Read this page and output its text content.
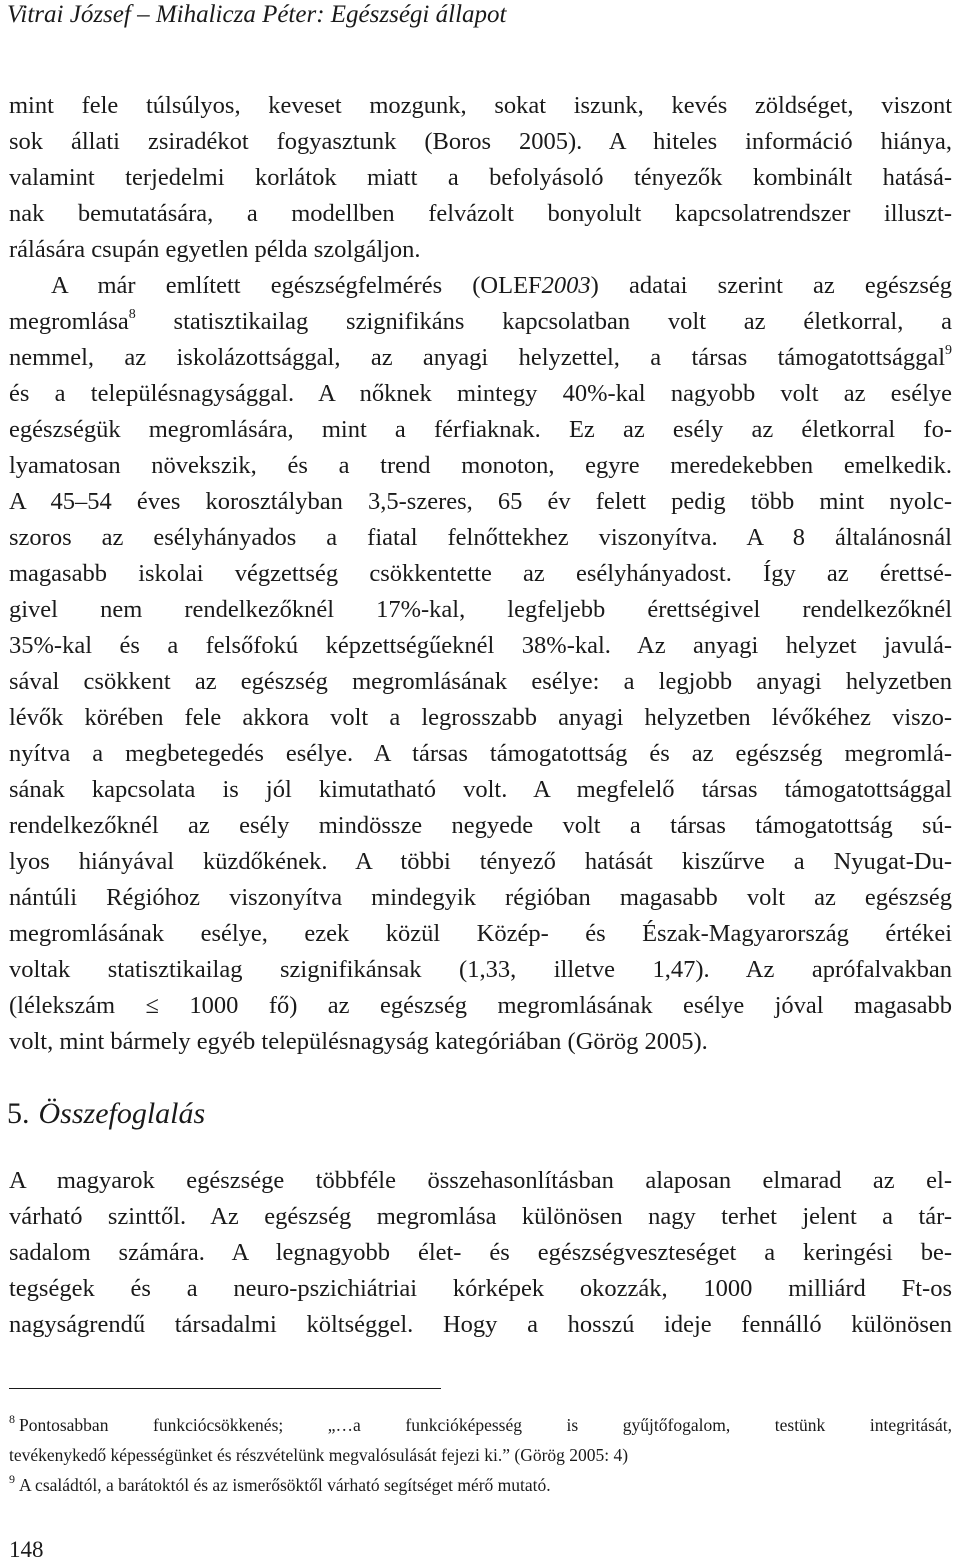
Vitrai József – Mihalicza Péter: Egészségi állapot
mint fele túlsúlyos, keveset mozgunk, sokat iszunk, kevés zöldséget, viszont
sok állati zsiradékot fogyasztunk (Boros 2005). A hiteles információ hiánya,
valamint terjedelmi korlátok miatt a befolyásoló tényezők kombinált hatásá-
nak bemutatására, a modellben felvázolt bonyolult kapcsolatrendszer illuszt-
rálására csupán egyetlen példa szolgáljon.
A már említett egészségfelmérés (OLEF2003) adatai szerint az egészség
megromlása$^8$ statisztikailag szignifikáns kapcsolatban volt az életkorral, a
nemmel, az iskolázottsággal, az anyagi helyzettel, a társas támogatottsággal$^9$
és a településnagysággal. A nőknek mintegy 40%-kal nagyobb volt az esélye
egészségük megromlására, mint a férfiaknak. Ez az esély az életkorral fo-
lyamatosan növekszik, és a trend monoton, egyre meredekebben emelkedik.
A 45–54 éves korosztályban 3,5-szeres, 65 év felett pedig több mint nyolc-
szoros az esélyhányados a fiatal felnőttekhez viszonyítva. A 8 általánosnál
magasabb iskolai végzettség csökkentette az esélyhányadost. Így az érettsé-
givel nem rendelkezőknél 17%-kal, legfeljebb érettségivel rendelkezőknél
35%-kal és a felsőfokú képzettségűeknél 38%-kal. Az anyagi helyzet javulá-
sával csökkent az egészség megromlásának esélye: a legjobb anyagi helyzetben
lévők körében fele akkora volt a legrosszabb anyagi helyzetben lévőkéhez viszo-
nyítva a megbetegedés esélye. A társas támogatottság és az egészség megromlá-
sának kapcsolata is jól kimutatható volt. A megfelelő társas támogatottsággal
rendelkezőknél az esély mindössze negyede volt a társas támogatottság sú-
lyos hiányával küzdőkének. A többi tényező hatását kiszűrve a Nyugat-Du-
nántúli Régióhoz viszonyítva mindegyik régióban magasabb volt az egészség
megromlásának esélye, ezek közül Közép- és Észak-Magyarország értékei
voltak statisztikailag szignifikánsak (1,33, illetve 1,47). Az aprófalvakban
(lélekszám ≤ 1000 fő) az egészség megromlásának esélye jóval magasabb
volt, mint bármely egyéb településnagyság kategóriában (Görög 2005).
5. Összefoglalás
A magyarok egészsége többféle összehasonlításban alaposan elmarad az el-
várható szinttől. Az egészség megromlása különösen nagy terhet jelent a tár-
sadalom számára. A legnagyobb élet- és egészségveszteséget a keringési be-
tegségek és a neuro-pszichiátriai kórképek okozzák, 1000 milliárd Ft-os
nagyságrendű társadalmi költséggel. Hogy a hosszú ideje fennálló különösen
$^8$ Pontosabban funkciócsökkenés; „…a funkcióképesség is gyűjtőfogalom, testünk integritását,
tevékenykedő képességünket és részvételünk megvalósulását fejezi ki.” (Görög 2005: 4)
$^9$ A családtól, a barátoktól és az ismerősöktől várható segítséget mérő mutató.
148
